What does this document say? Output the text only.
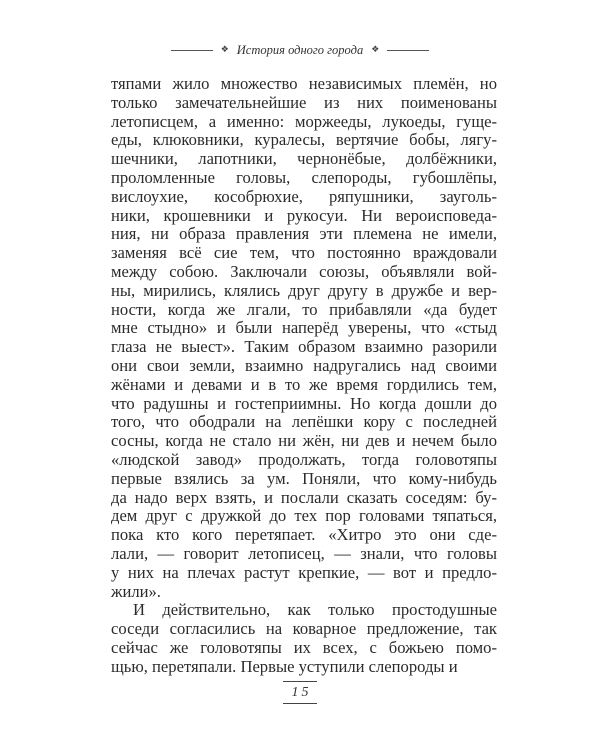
❖ История одного города ❖
тяпами жило множество независимых племён, но
только замечательнейшие из них поименованы
летописцем, а именно: моржееды, лукоеды, гуще-
еды, клюковники, куралесы, вертячие бобы, лягу-
шечники, лапотники, чернонёбые, долбёжники,
проломленные головы, слепороды, губошлёпы,
вислоухие, кособрюхие, ряпушники, зауголь-
ники, крошевники и рукосуи. Ни вероисповеда-
ния, ни образа правления эти племена не имели,
заменяя всё сие тем, что постоянно враждовали
между собою. Заключали союзы, объявляли вой-
ны, мирились, клялись друг другу в дружбе и вер-
ности, когда же лгали, то прибавляли «да будет
мне стыдно» и были наперёд уверены, что «стыд
глаза не выест». Таким образом взаимно разорили
они свои земли, взаимно надругались над своими
жёнами и девами и в то же время гордились тем,
что радушны и гостеприимны. Но когда дошли до
того, что ободрали на лепёшки кору с последней
сосны, когда не стало ни жён, ни дев и нечем было
«людской завод» продолжать, тогда головотяпы
первые взялись за ум. Поняли, что кому-нибудь
да надо верх взять, и послали сказать соседям: бу-
дем друг с дружкой до тех пор головами тяпаться,
пока кто кого перетяпает. «Хитро это они сде-
лали, — говорит летописец, — знали, что головы
у них на плечах растут крепкие, — вот и предло-
жили».
И действительно, как только простодушные
соседи согласились на коварное предложение, так
сейчас же головотяпы их всех, с божьею помо-
щью, перетяпали. Первые уступили слепороды и
15
